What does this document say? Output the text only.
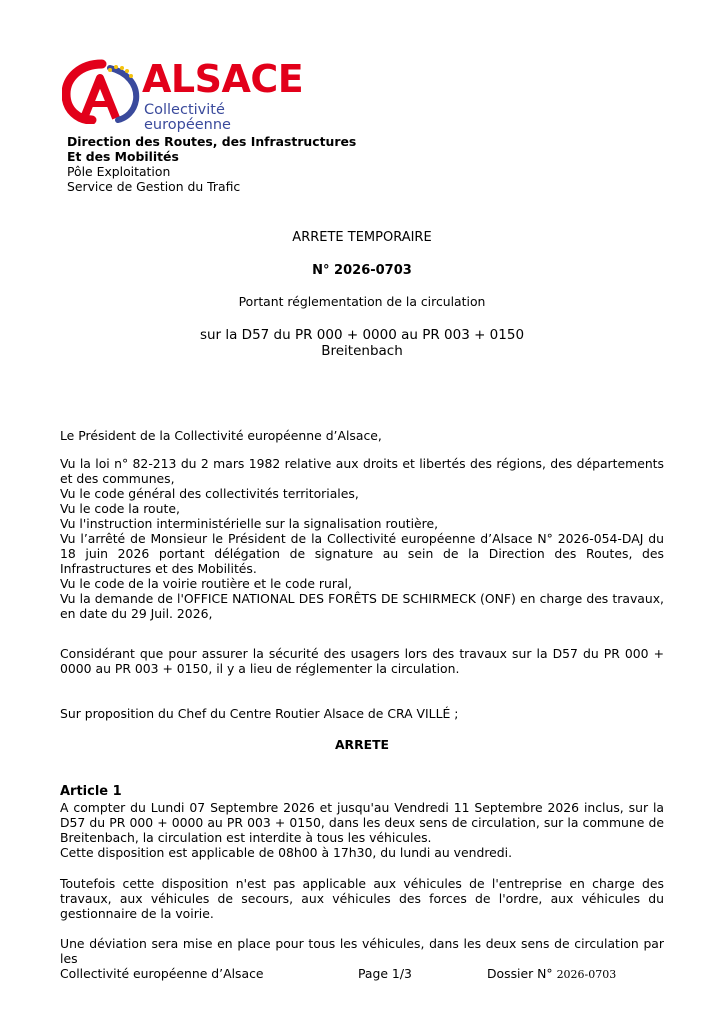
ALSACE
Collectivité européenne
Direction des Routes, des Infrastructures
Et des Mobilités
Pôle Exploitation
Service de Gestion du Trafic
ARRETE TEMPORAIRE
N° 2026-0703
Portant réglementation de la circulation
sur la D57 du PR 000 + 0000 au PR 003 + 0150
Breitenbach
Le Président de la Collectivité européenne d’Alsace,
Vu la loi n° 82-213 du 2 mars 1982 relative aux droits et libertés des régions, des départements et des communes,
Vu le code général des collectivités territoriales,
Vu le code la route,
Vu l'instruction interministérielle sur la signalisation routière,
Vu l’arrêté de Monsieur le Président de la Collectivité européenne d’Alsace N° 2026-054-DAJ du 18 juin 2026 portant délégation de signature au sein de la Direction des Routes, des Infrastructures et des Mobilités.
Vu le code de la voirie routière et le code rural,
Vu la demande de l'OFFICE NATIONAL DES FORÊTS DE SCHIRMECK (ONF) en charge des travaux, en date du 29 Juil. 2026,
Considérant que pour assurer la sécurité des usagers lors des travaux sur la D57 du PR 000 + 0000 au PR 003 + 0150, il y a lieu de réglementer la circulation.
Sur proposition du Chef du Centre Routier Alsace de CRA VILLÉ ;
ARRETE
Article 1
A compter du Lundi 07 Septembre 2026 et jusqu'au Vendredi 11 Septembre 2026 inclus, sur la D57 du PR 000 + 0000 au PR 003 + 0150, dans les deux sens de circulation, sur la commune de Breitenbach, la circulation est interdite à tous les véhicules.
Cette disposition est applicable de 08h00 à 17h30, du lundi au vendredi.
Toutefois cette disposition n'est pas applicable aux véhicules de l'entreprise en charge des travaux, aux véhicules de secours, aux véhicules des forces de l'ordre, aux véhicules du gestionnaire de la voirie.
Une déviation sera mise en place pour tous les véhicules, dans les deux sens de circulation par les
Collectivité européenne d’Alsace	Page 1/3	Dossier N° 2026-0703
